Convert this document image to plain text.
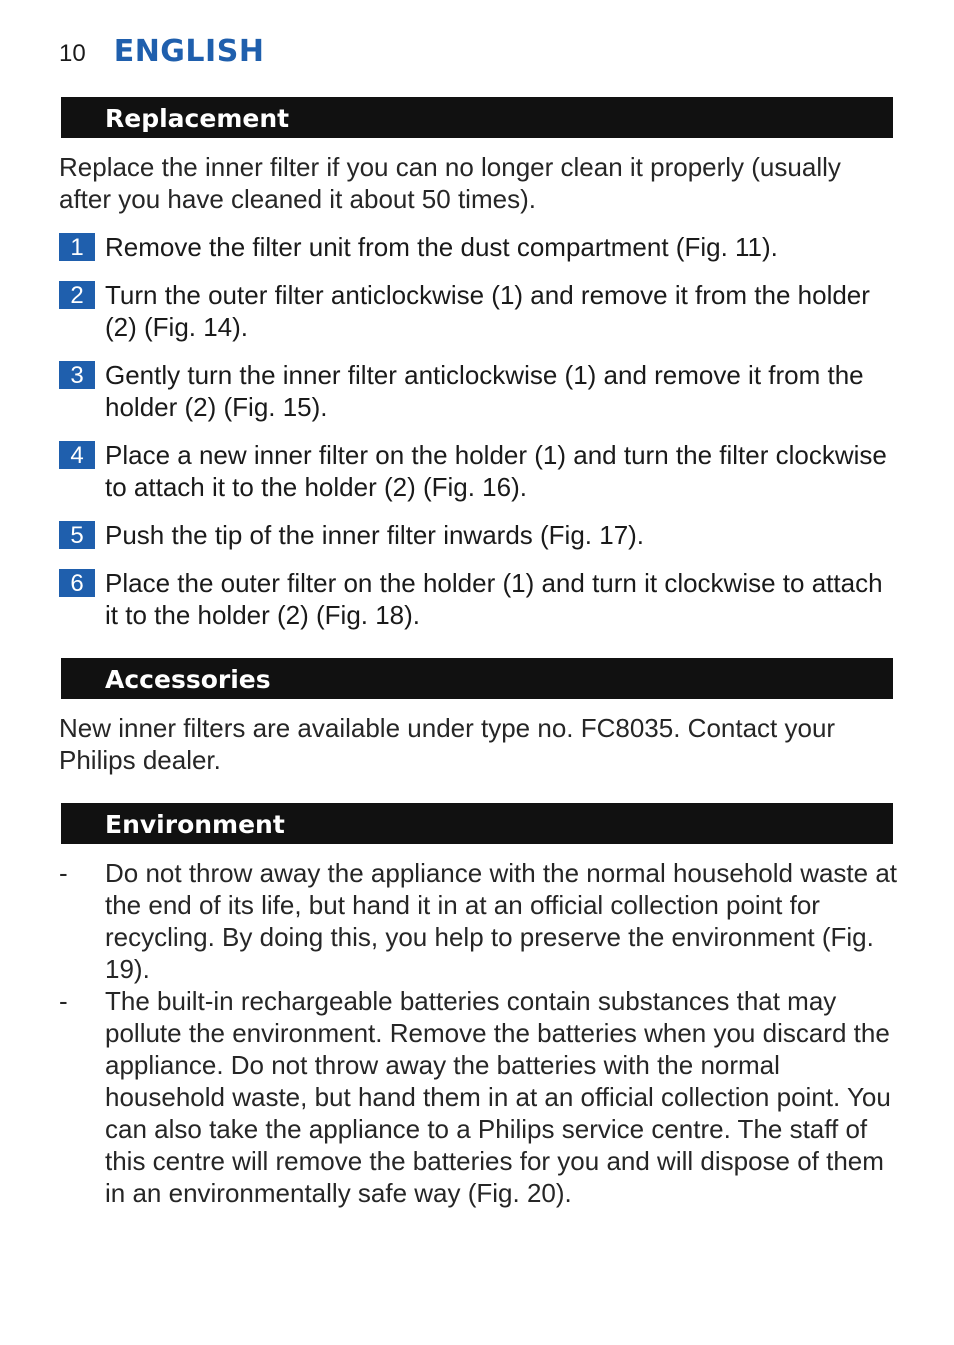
10 ENGLISH
Replacement
Replace the inner filter if you can no longer clean it properly (usually after you have cleaned it about 50 times).
1 Remove the filter unit from the dust compartment (Fig. 11).
2 Turn the outer filter anticlockwise (1) and remove it from the holder (2) (Fig. 14).
3 Gently turn the inner filter anticlockwise (1) and remove it from the holder (2) (Fig. 15).
4 Place a new inner filter on the holder (1) and turn the filter clockwise to attach it to the holder (2) (Fig. 16).
5 Push the tip of the inner filter inwards (Fig. 17).
6 Place the outer filter on the holder (1) and turn it clockwise to attach it to the holder (2) (Fig. 18).
Accessories
New inner filters are available under type no. FC8035. Contact your Philips dealer.
Environment
- Do not throw away the appliance with the normal household waste at the end of its life, but hand it in at an official collection point for recycling. By doing this, you help to preserve the environment (Fig. 19).
- The built-in rechargeable batteries contain substances that may pollute the environment. Remove the batteries when you discard the appliance. Do not throw away the batteries with the normal household waste, but hand them in at an official collection point. You can also take the appliance to a Philips service centre. The staff of this centre will remove the batteries for you and will dispose of them in an environmentally safe way (Fig. 20).
